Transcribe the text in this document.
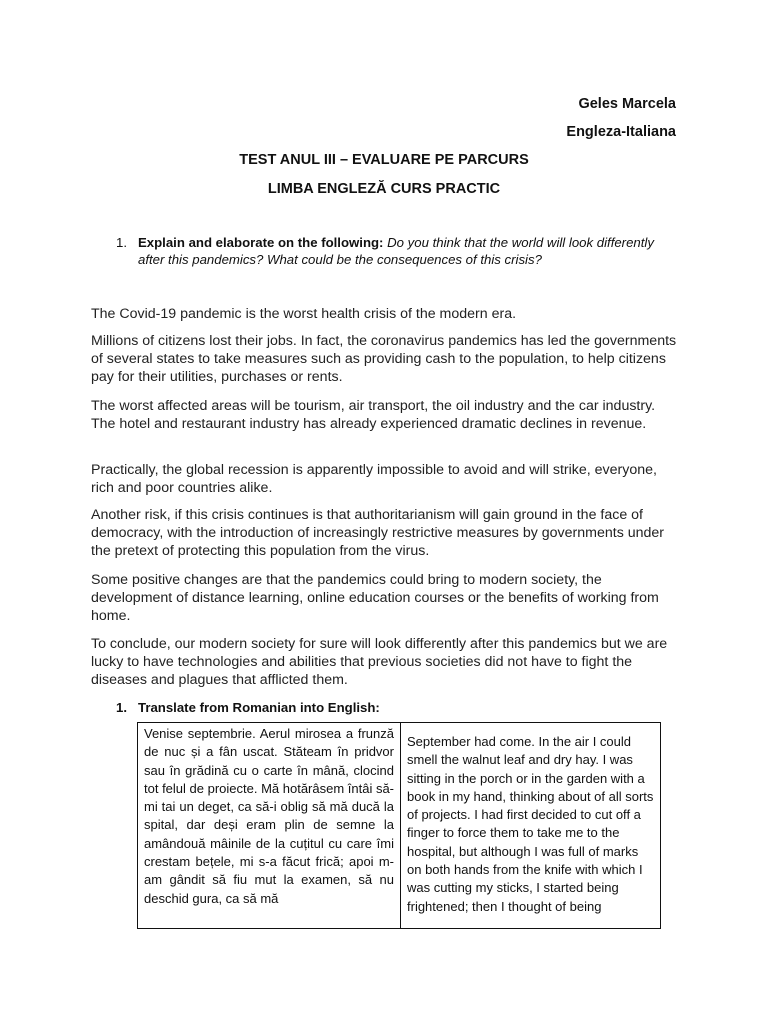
Geles Marcela
Engleza-Italiana
TEST ANUL III – EVALUARE PE PARCURS
LIMBA ENGLEZĂ CURS PRACTIC
1. Explain and elaborate on the following: Do you think that the world will look differently after this pandemics? What could be the consequences of this crisis?
The Covid-19 pandemic is the worst health crisis of the modern era.
Millions of citizens lost their jobs. In fact, the coronavirus pandemics has led the governments of several states to take measures such as providing cash to the population, to help citizens pay for their utilities, purchases or rents.
The worst affected areas will be tourism, air transport, the oil industry and the car industry. The hotel and restaurant industry has already experienced dramatic declines in revenue.
Practically, the global recession is apparently impossible to avoid and will strike, everyone, rich and poor countries alike.
Another risk, if this crisis continues is that authoritarianism will gain ground in the face of democracy, with the introduction of increasingly restrictive measures by governments under the pretext of protecting this population from the virus.
Some positive changes are that the pandemics could bring to modern society, the development of distance learning, online education courses or the benefits of working from home.
To conclude, our modern society for sure will look differently after this pandemics but we are lucky to have technologies and abilities that previous societies did not have to fight the diseases and plagues that afflicted them.
1. Translate from Romanian into English:
Venise septembrie. Aerul mirosea a frunză de nuc și a fân uscat. Stăteam în pridvor sau în grădină cu o carte în mână, clocind tot felul de proiecte. Mă hotărâsem întâi să-mi tai un deget, ca să-i oblig să mă ducă la spital, dar deși eram plin de semne la amândouă mâinile de la cuțitul cu care îmi crestam bețele, mi s-a făcut frică; apoi m-am gândit să fiu mut la examen, să nu deschid gura, ca să mă	September had come. In the air I could smell the walnut leaf and dry hay. I was sitting in the porch or in the garden with a book in my hand, thinking about of all sorts of projects. I had first decided to cut off a finger to force them to take me to the hospital, but although I was full of marks on both hands from the knife with which I was cutting my sticks, I started being frightened; then I thought of being
